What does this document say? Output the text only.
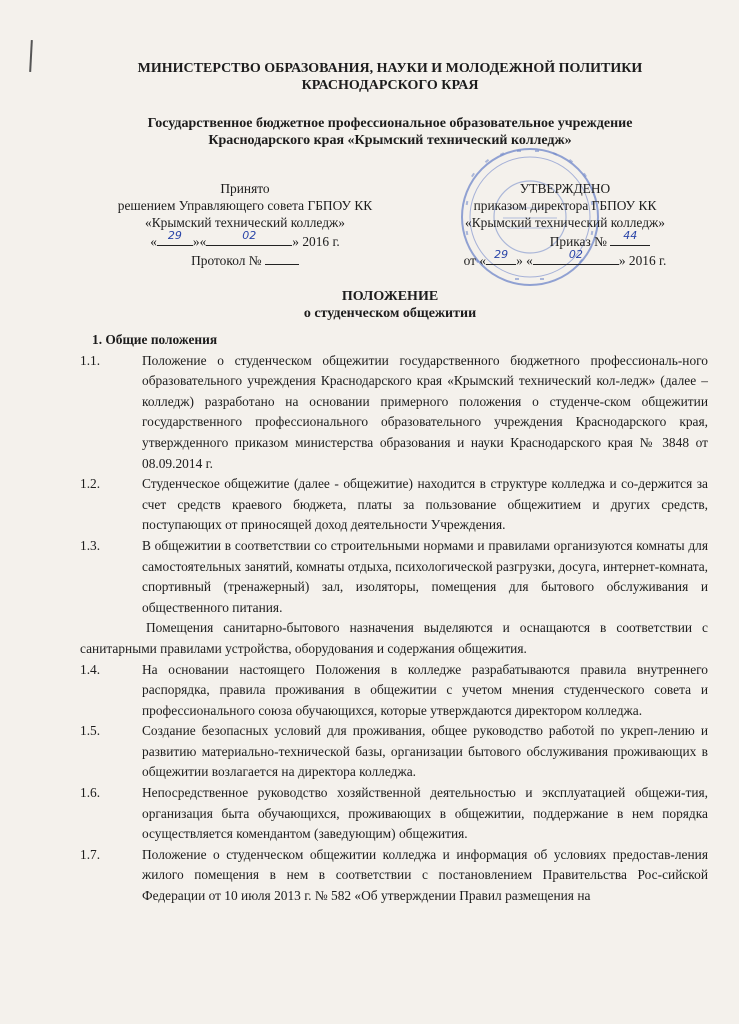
МИНИСТЕРСТВО ОБРАЗОВАНИЯ, НАУКИ И МОЛОДЕЖНОЙ ПОЛИТИКИ
КРАСНОДАРСКОГО КРАЯ
Государственное бюджетное профессиональное образовательное учреждение
Краснодарского края «Крымский технический колледж»
Принято
решением Управляющего совета ГБПОУ КК
«Крымский технический колледж»
«	29 »«	02	» 2016 г.
Протокол №
УТВЕРЖДЕНО
приказом директора ГБПОУ КК
«Крымский технический колледж»
Приказ №	44
от « 29 » «	02	» 2016 г.
ПОЛОЖЕНИЕ
о студенческом общежитии
1. Общие положения
1.1.	Положение о студенческом общежитии государственного бюджетного профессиональ-ного образовательного учреждения Краснодарского края «Крымский технический кол-ледж» (далее – колледж) разработано на основании примерного положения о студенче-ском общежитии государственного профессионального образовательного учреждения Краснодарского края, утвержденного приказом министерства образования и науки Краснодарского края № 3848 от 08.09.2014 г.
1.2.	Студенческое общежитие (далее - общежитие) находится в структуре колледжа и со-держится за счет средств краевого бюджета, платы за пользование общежитием и других средств, поступающих от приносящей доход деятельности Учреждения.
1.3.	В общежитии в соответствии со строительными нормами и правилами организуются комнаты для самостоятельных занятий, комнаты отдыха, психологической разгрузки, досуга, интернет-комната, спортивный (тренажерный) зал, изоляторы, помещения для бытового обслуживания и общественного питания.
Помещения санитарно-бытового назначения выделяются и оснащаются в соответствии с санитарными правилами устройства, оборудования и содержания общежития.
1.4.	На основании настоящего Положения в колледже разрабатываются правила внутреннего распорядка, правила проживания в общежитии с учетом мнения студенческого совета и профессионального союза обучающихся, которые утверждаются директором колледжа.
1.5.	Создание безопасных условий для проживания, общее руководство работой по укреп-лению и развитию материально-технической базы, организации бытового обслуживания проживающих в общежитии возлагается на директора колледжа.
1.6.	Непосредственное руководство хозяйственной деятельностью и эксплуатацией общежи-тия, организация быта обучающихся, проживающих в общежитии, поддержание в нем порядка осуществляется комендантом (заведующим) общежития.
1.7.	Положение о студенческом общежитии колледжа и информация об условиях предостав-ления жилого помещения в нем в соответствии с постановлением Правительства Рос-сийской Федерации от 10 июля 2013 г. № 582 «Об утверждении Правил размещения на
